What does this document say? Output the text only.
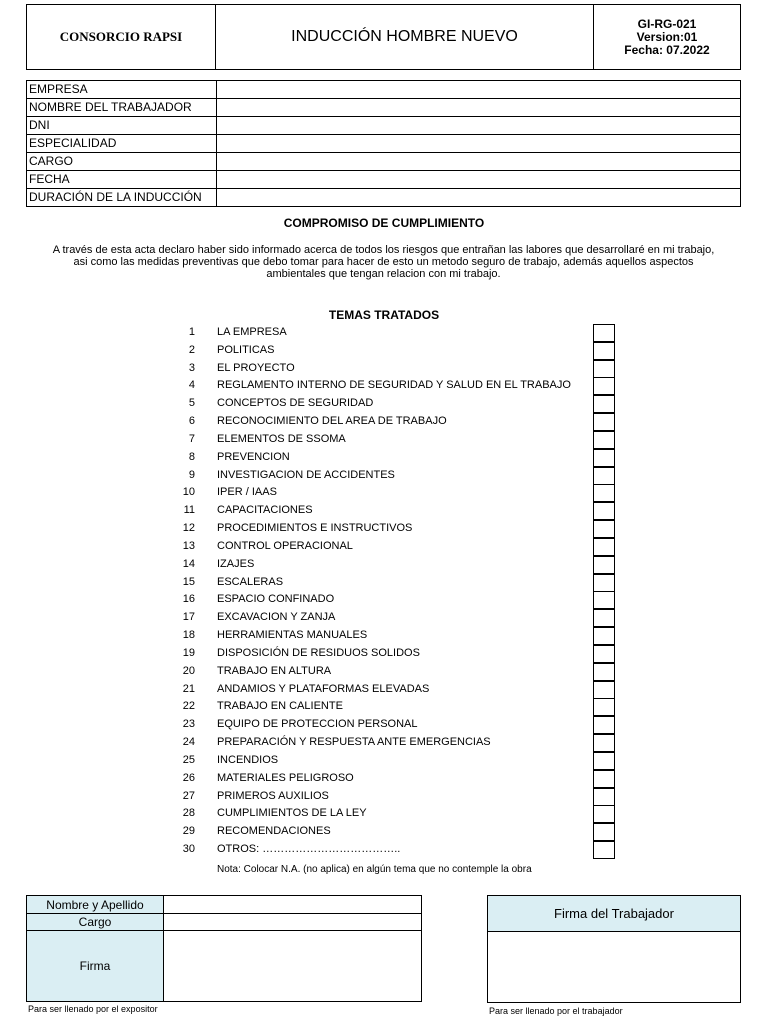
CONSORCIO RAPSI	INDUCCIÓN HOMBRE NUEVO
GI-RG-021
Version:01
Fecha: 07.2022
EMPRESA	
NOMBRE DEL TRABAJADOR	
DNI	
ESPECIALIDAD	
CARGO	
FECHA	
DURACIÓN DE LA INDUCCIÓN	
COMPROMISO DE CUMPLIMIENTO
A través de esta acta declaro haber sido informado acerca de todos los riesgos que entrañan las labores que desarrollaré en mi trabajo,
asi como las medidas preventivas que debo tomar para hacer de esto un metodo seguro de trabajo, además aquellos aspectos
ambientales que tengan relacion con mi trabajo.
TEMAS TRATADOS
1 LA EMPRESA
2 POLITICAS
3 EL PROYECTO
4 REGLAMENTO INTERNO DE SEGURIDAD Y SALUD EN EL TRABAJO
5 CONCEPTOS DE SEGURIDAD
6 RECONOCIMIENTO DEL AREA DE TRABAJO
7 ELEMENTOS DE SSOMA
8 PREVENCION
9 INVESTIGACION DE ACCIDENTES
10 IPER / IAAS
11 CAPACITACIONES
12 PROCEDIMIENTOS E INSTRUCTIVOS
13 CONTROL OPERACIONAL
14 IZAJES
15 ESCALERAS
16 ESPACIO CONFINADO
17 EXCAVACION Y ZANJA
18 HERRAMIENTAS MANUALES
19 DISPOSICIÓN DE RESIDUOS SOLIDOS
20 TRABAJO EN ALTURA
21 ANDAMIOS Y PLATAFORMAS ELEVADAS
22 TRABAJO EN CALIENTE
23 EQUIPO DE PROTECCION PERSONAL
24 PREPARACIÓN Y RESPUESTA ANTE EMERGENCIAS
25 INCENDIOS
26 MATERIALES PELIGROSO
27 PRIMEROS AUXILIOS
28 CUMPLIMIENTOS DE LA LEY
29 RECOMENDACIONES
30 OTROS: ………………………………..
Nota: Colocar N.A. (no aplica) en algún tema que no contemple la obra
Nombre y Apellido
Cargo
Firma
Para ser llenado por el expositor
Firma del Trabajador
Para ser llenado por el trabajador
